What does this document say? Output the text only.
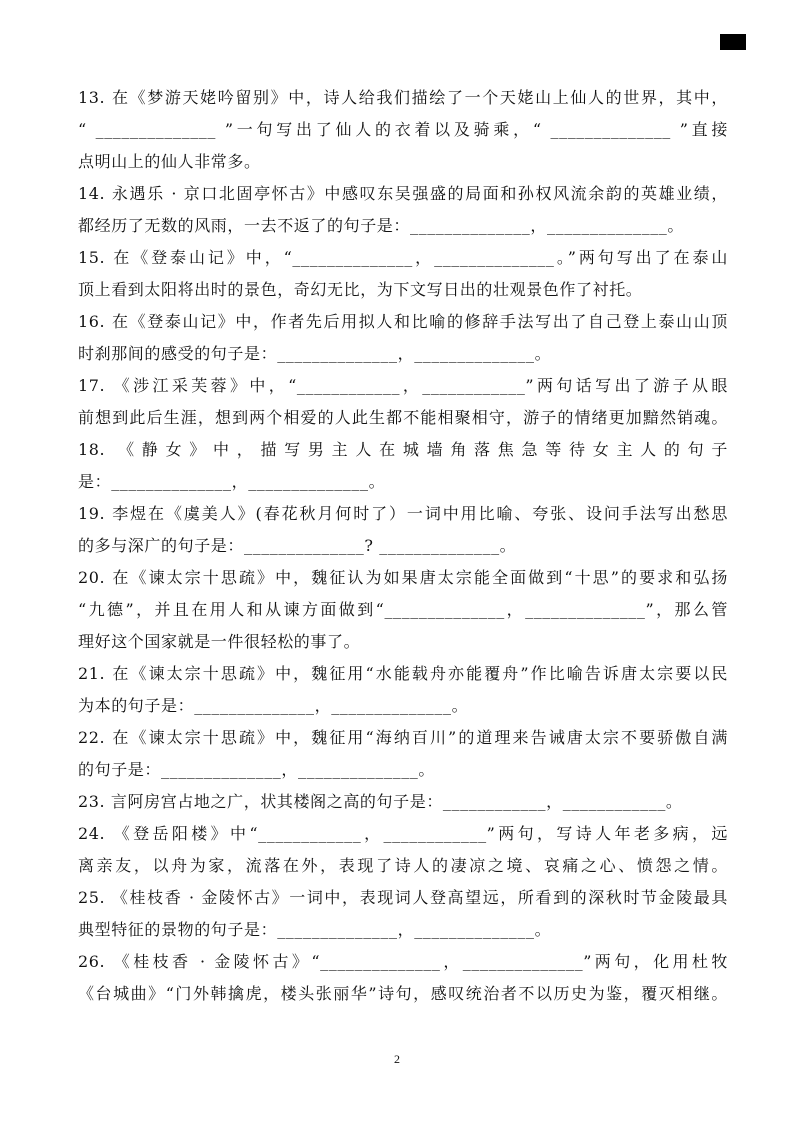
13. 在《梦游天姥吟留别》中，诗人给我们描绘了一个天姥山上仙人的世界，其中，
“ ______________ ”一句写出了仙人的衣着以及骑乘，“ ______________ ”直接
点明山上的仙人非常多。
14. 永遇乐 · 京口北固亭怀古》中感叹东吴强盛的局面和孙权风流余韵的英雄业绩，
都经历了无数的风雨，一去不返了的句子是：______________，______________。
15. 在《登泰山记》中，“______________，______________。”两句写出了在泰山
顶上看到太阳将出时的景色，奇幻无比，为下文写日出的壮观景色作了衬托。
16. 在《登泰山记》中，作者先后用拟人和比喻的修辞手法写出了自己登上泰山山顶
时刹那间的感受的句子是：______________，______________。
17. 《涉江采芙蓉》中，“____________，____________”两句话写出了游子从眼
前想到此后生涯，想到两个相爱的人此生都不能相聚相守，游子的情绪更加黯然销魂。
18. 《静女》中，描写男主人在城墙角落焦急等待女主人的句子
是：______________，______________。
19. 李煜在《虞美人》(春花秋月何时了）一词中用比喻、夸张、设问手法写出愁思
的多与深广的句子是：______________? ______________。
20. 在《谏太宗十思疏》中，魏征认为如果唐太宗能全面做到“十思”的要求和弘扬
“九德”，并且在用人和从谏方面做到“______________，______________”，那么管
理好这个国家就是一件很轻松的事了。
21. 在《谏太宗十思疏》中，魏征用“水能载舟亦能覆舟”作比喻告诉唐太宗要以民
为本的句子是：______________，______________。
22. 在《谏太宗十思疏》中，魏征用“海纳百川”的道理来告诫唐太宗不要骄傲自满
的句子是：______________，______________。
23. 言阿房宫占地之广，状其楼阁之高的句子是：____________，____________。
24. 《登岳阳楼》中“____________，____________”两句，写诗人年老多病，远
离亲友，以舟为家，流落在外，表现了诗人的凄凉之境、哀痛之心、愤怨之情。
25. 《桂枝香 · 金陵怀古》一词中，表现词人登高望远，所看到的深秋时节金陵最具
典型特征的景物的句子是：______________，______________。
26. 《桂枝香 · 金陵怀古》“______________，______________”两句，化用杜牧
《台城曲》“门外韩擒虎，楼头张丽华”诗句，感叹统治者不以历史为鉴，覆灭相继。
2
